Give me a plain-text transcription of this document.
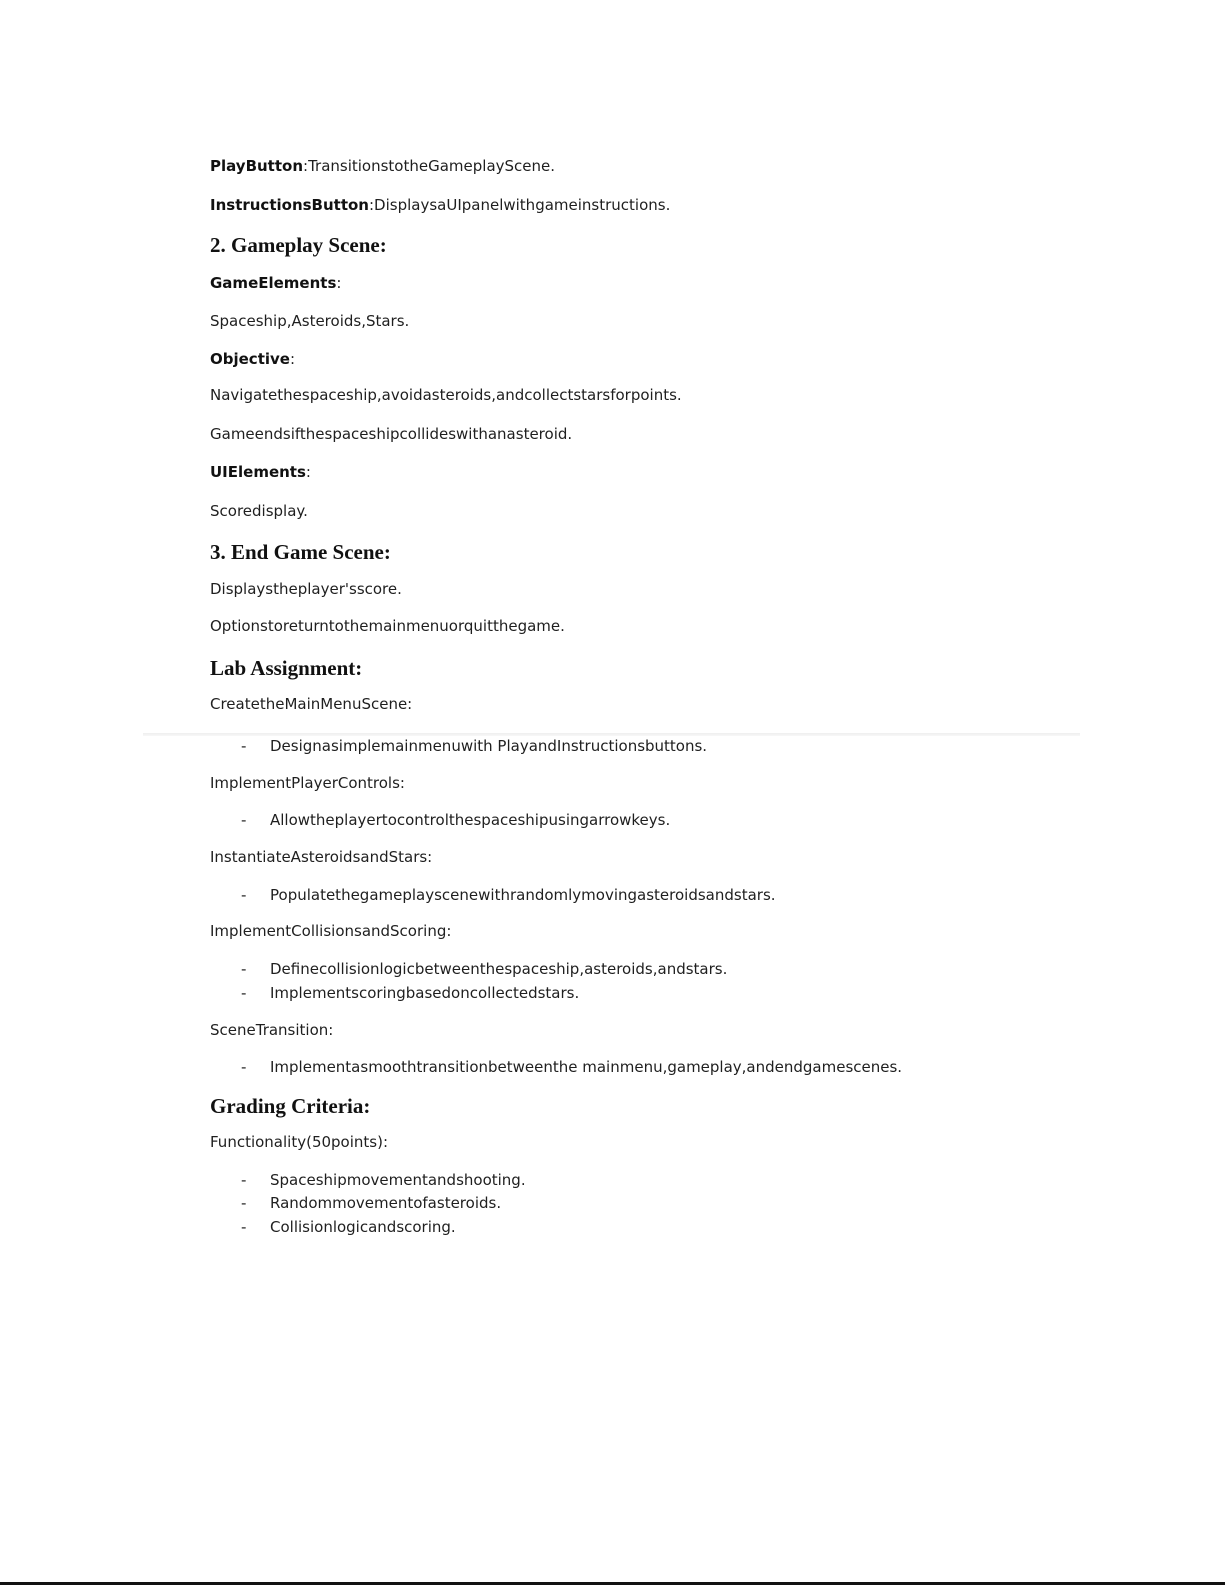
PlayButton:TransitionstotheGameplayScene.
InstructionsButton:DisplaysaUIpanelwithgameinstructions.
2. Gameplay Scene:
GameElements:
Spaceship,Asteroids,Stars.
Objective:
Navigatethespaceship,avoidasteroids,andcollectstarsforpoints.
Gameendsifthespaceshipcollideswithanasteroid.
UIElements:
Scoredisplay.
3. End Game Scene:
Displaystheplayer'sscore.
Optionstoreturntothemainmenuorquitthegame.
Lab Assignment:
CreatetheMainMenuScene:
- Designasimplemainmenuwith PlayandInstructionsbuttons.
ImplementPlayerControls:
- Allowtheplayertocontrolthespaceshipusingarrowkeys.
InstantiateAsteroidsandStars:
- Populatethegameplayscenewithrandomlymovingasteroidsandstars.
ImplementCollisionsandScoring:
- Definecollisionlogicbetweenthespaceship,asteroids,andstars.
- Implementscoringbasedoncollectedstars.
SceneTransition:
- Implementasmoothtransitionbetweenthe mainmenu,gameplay,andendgamescenes.
Grading Criteria:
Functionality(50points):
- Spaceshipmovementandshooting.
- Randommovementofasteroids.
- Collisionlogicandscoring.
